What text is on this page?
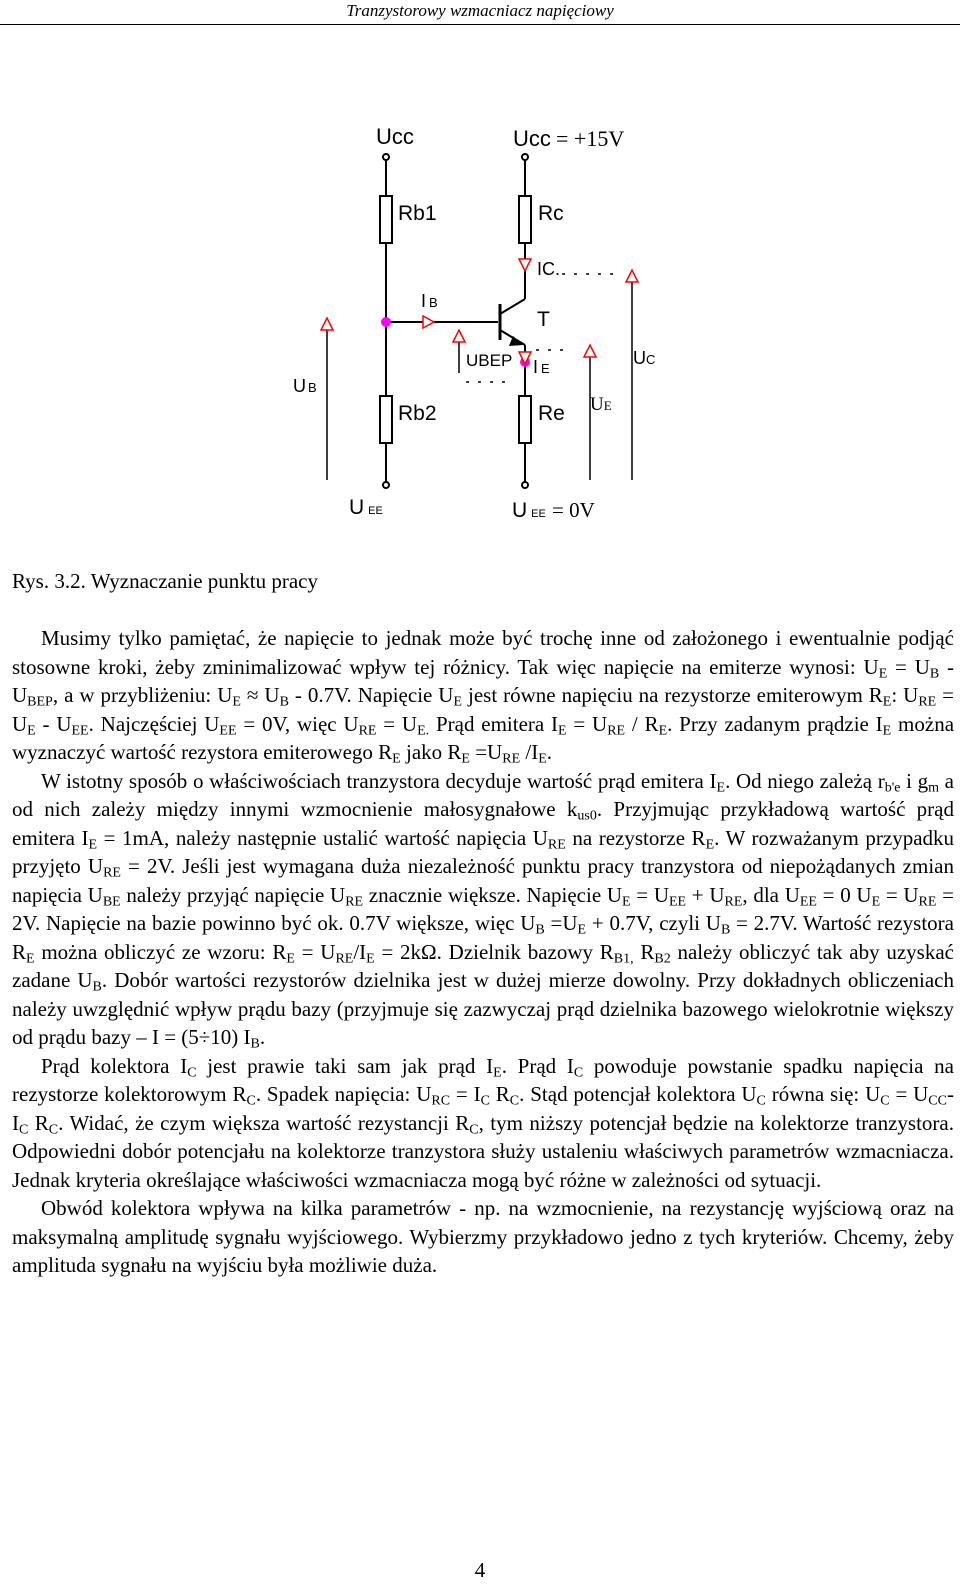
Tranzystorowy wzmacniacz napięciowy
Ucc	Ucc = +15V
Rb1	Rc
IC.
I B
T
U B
UBEP I E
UC
Rb2	Re UE
UEE	UEE = 0V
Rys. 3.2. Wyznaczanie punktu pracy

Musimy tylko pamiętać, że napięcie to jednak może być trochę inne od założonego i ewentualnie podjąć stosowne kroki, żeby zminimalizować wpływ tej różnicy. Tak więc napięcie na emiterze wynosi: $U_E = U_B - U_{BEP}$, a w przybliżeniu: $U_E \approx U_B - 0.7V$. Napięcie $U_E$ jest równe napięciu na rezystorze emiterowym $R_E$: $U_{RE} = U_E - U_{EE}$. Najczęściej $U_{EE} = 0V$, więc $U_{RE} = U_{E.}$ Prąd emitera $I_E = U_{RE} / R_E$. Przy zadanym prądzie $I_E$ można wyznaczyć wartość rezystora emiterowego $R_E$ jako $R_E =U_{RE}$ $/I_E$.

W istotny sposób o właściwościach tranzystora decyduje wartość prąd emitera $I_E$. Od niego zależą $r_{b'e}$ i $g_m$ a od nich zależy między innymi wzmocnienie małosygnałowe $k_{us0}$. Przyjmując przykładową wartość prąd emitera $I_E = 1mA$, należy następnie ustalić wartość napięcia $U_{RE}$ na rezystorze $R_E$. W rozważanym przypadku przyjęto $U_{RE} = 2V$. Jeśli jest wymagana duża niezależność punktu pracy tranzystora od niepożądanych zmian napięcia $U_{BE}$ należy przyjąć napięcie $U_{RE}$ znacznie większe. Napięcie $U_E = U_{EE} + U_{RE}$, dla $U_{EE} = 0$ $U_E = U_{RE} = 2V$. Napięcie na bazie powinno być ok. 0.7V większe, więc $U_B =U_E + 0.7V$, czyli $U_B = 2.7V$. Wartość rezystora $R_E$ można obliczyć ze wzoru: $R_E = U_{RE}/I_E = 2k\Omega$. Dzielnik bazowy $R_{B1,}$ $R_{B2}$ należy obliczyć tak aby uzyskać zadane $U_B$. Dobór wartości rezystorów dzielnika jest w dużej mierze dowolny. Przy dokładnych obliczeniach należy uwzględnić wpływ prądu bazy (przyjmuje się zazwyczaj prąd dzielnika bazowego wielokrotnie większy od prądu bazy – I = (5÷10) $I_B$.

Prąd kolektora $I_C$ jest prawie taki sam jak prąd $I_E$. Prąd $I_C$ powoduje powstanie spadku napięcia na rezystorze kolektorowym $R_C$. Spadek napięcia: $U_{RC} = I_C$ $R_C$. Stąd potencjał kolektora $U_C$ równa się: $U_C = U_{CC}-I_C$ $R_C$. Widać, że czym większa wartość rezystancji $R_C$, tym niższy potencjał będzie na kolektorze tranzystora. Odpowiedni dobór potencjału na kolektorze tranzystora służy ustaleniu właściwych parametrów wzmacniacza. Jednak kryteria określające właściwości wzmacniacza mogą być różne w zależności od sytuacji.

Obwód kolektora wpływa na kilka parametrów - np. na wzmocnienie, na rezystancję wyjściową oraz na maksymalną amplitudę sygnału wyjściowego. Wybierzmy przykładowo jedno z tych kryteriów. Chcemy, żeby amplituda sygnału na wyjściu była możliwie duża.

4
